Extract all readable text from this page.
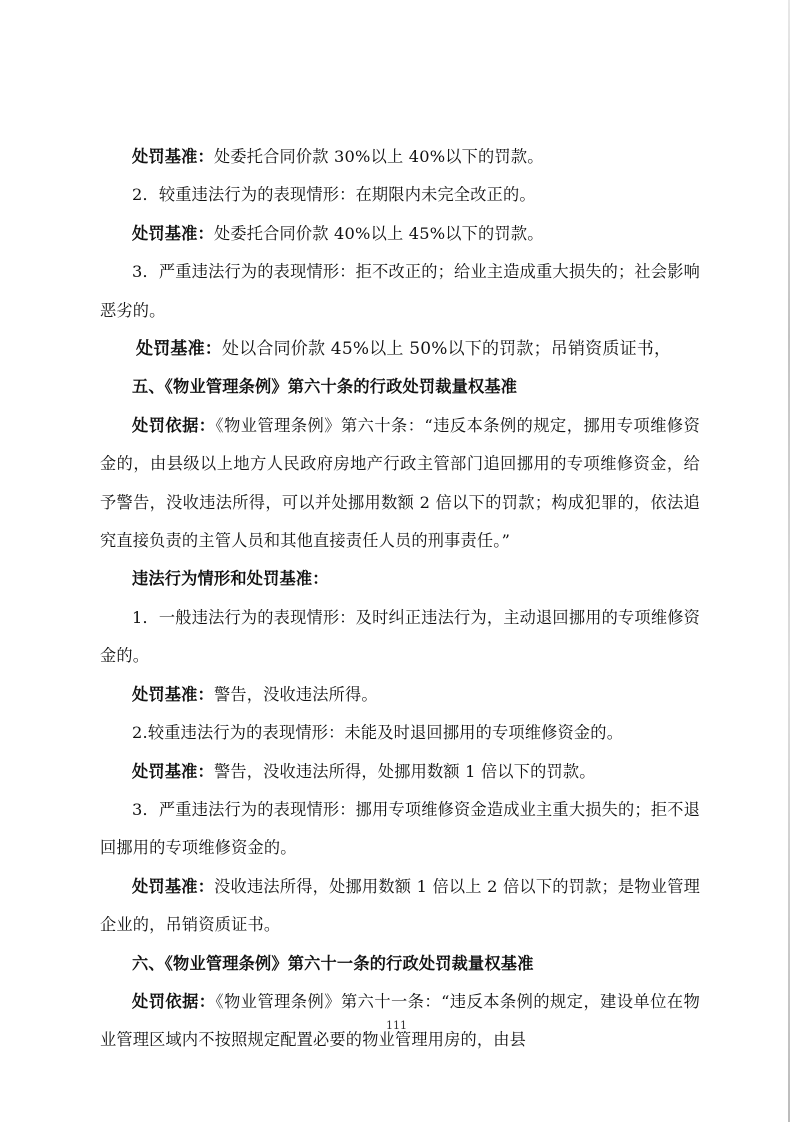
处罚基准：处委托合同价款 30%以上 40%以下的罚款。

2．较重违法行为的表现情形：在期限内未完全改正的。

处罚基准：处委托合同价款 40%以上 45%以下的罚款。

3．严重违法行为的表现情形：拒不改正的；给业主造成重大损失的；社会影响恶劣的。

处罚基准：处以合同价款 45%以上 50%以下的罚款；吊销资质证书，

五、《物业管理条例》第六十条的行政处罚裁量权基准

处罚依据：《物业管理条例》第六十条：“违反本条例的规定，挪用专项维修资金的，由县级以上地方人民政府房地产行政主管部门追回挪用的专项维修资金，给予警告，没收违法所得，可以并处挪用数额 2 倍以下的罚款；构成犯罪的，依法追究直接负责的主管人员和其他直接责任人员的刑事责任。”

违法行为情形和处罚基准：

1．一般违法行为的表现情形：及时纠正违法行为，主动退回挪用的专项维修资金的。

处罚基准：警告，没收违法所得。

2.较重违法行为的表现情形：未能及时退回挪用的专项维修资金的。

处罚基准：警告，没收违法所得，处挪用数额 1 倍以下的罚款。

3．严重违法行为的表现情形：挪用专项维修资金造成业主重大损失的；拒不退回挪用的专项维修资金的。

处罚基准：没收违法所得，处挪用数额 1 倍以上 2 倍以下的罚款；是物业管理企业的，吊销资质证书。

六、《物业管理条例》第六十一条的行政处罚裁量权基准

处罚依据：《物业管理条例》第六十一条：“违反本条例的规定，建设单位在物业管理区域内不按照规定配置必要的物业管理用房的，由县

111
